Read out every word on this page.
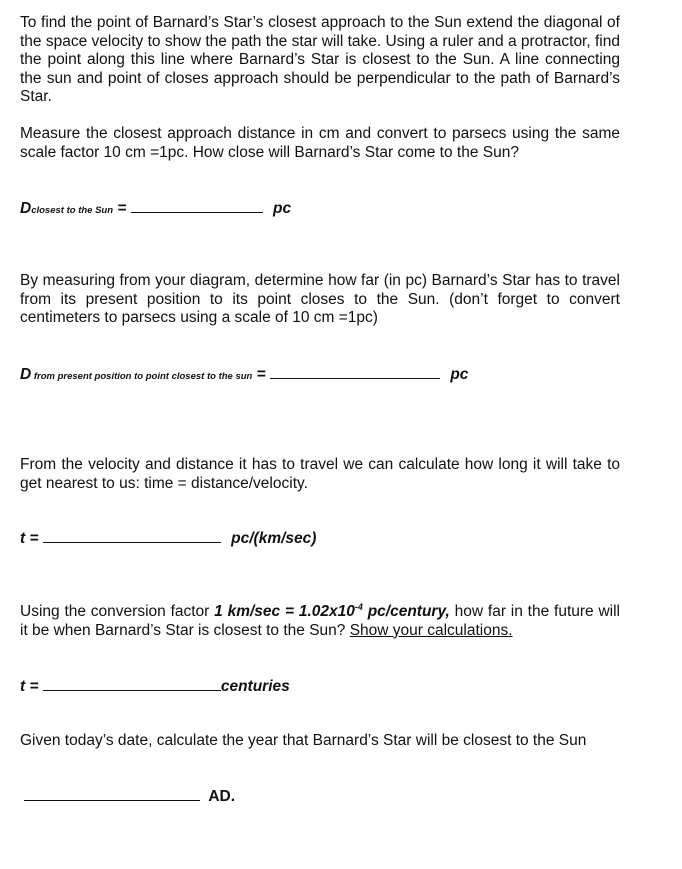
To find the point of Barnard’s Star’s closest approach to the Sun extend the diagonal of the space velocity to show the path the star will take. Using a ruler and a protractor, find the point along this line where Barnard’s Star is closest to the Sun. A line connecting the sun and point of closes approach should be perpendicular to the path of Barnard’s Star.

Measure the closest approach distance in cm and convert to parsecs using the same scale factor 10 cm =1pc. How close will Barnard’s Star come to the Sun?

Dclosest to the Sun =	pc

By measuring from your diagram, determine how far (in pc) Barnard’s Star has to travel from its present position to its point closes to the Sun. (don’t forget to convert centimeters to parsecs using a scale of 10 cm =1pc)

D from present position to point closest to the sun =	pc

From the velocity and distance it has to travel we can calculate how long it will take to get nearest to us: time = distance/velocity.

t =	pc/(km/sec)

Using the conversion factor 1 $km/\sec = 1.02x10^{-4}$ pc/century, how far in the future will it be when Barnard’s Star is closest to the Sun? Show your calculations.

t =	centuries

Given today’s date, calculate the year that Barnard’s Star will be closest to the Sun

AD.
